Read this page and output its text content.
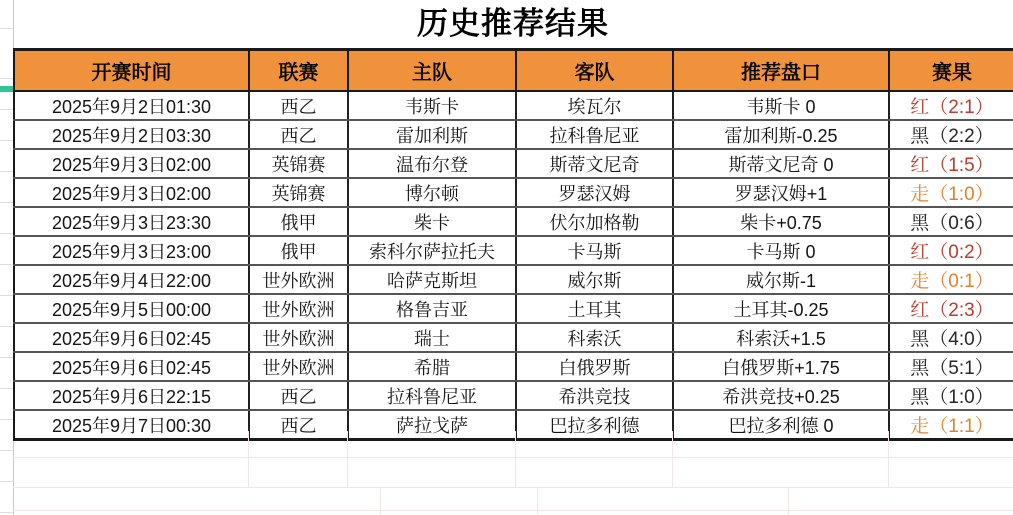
历史推荐结果
开赛时间	联赛	主队	客队	推荐盘口	赛果
2025年9月2日01:30	西乙	韦斯卡	埃瓦尔	韦斯卡 0	红（2:1）
2025年9月2日03:30	西乙	雷加利斯	拉科鲁尼亚	雷加利斯-0.25	黑（2:2）
2025年9月3日02:00	英锦赛	温布尔登	斯蒂文尼奇	斯蒂文尼奇 0	红（1:5）
2025年9月3日02:00	英锦赛	博尔顿	罗瑟汉姆	罗瑟汉姆+1	走（1:0）
2025年9月3日23:30	俄甲	柴卡	伏尔加格勒	柴卡+0.75	黑（0:6）
2025年9月3日23:00	俄甲	索科尔萨拉托夫	卡马斯	卡马斯 0	红（0:2）
2025年9月4日22:00	世外欧洲	哈萨克斯坦	威尔斯	威尔斯-1	走（0:1）
2025年9月5日00:00	世外欧洲	格鲁吉亚	土耳其	土耳其-0.25	红（2:3）
2025年9月6日02:45	世外欧洲	瑞士	科索沃	科索沃+1.5	黑（4:0）
2025年9月6日02:45	世外欧洲	希腊	白俄罗斯	白俄罗斯+1.75	黑（5:1）
2025年9月6日22:15	西乙	拉科鲁尼亚	希洪竞技	希洪竞技+0.25	黑（1:0）
2025年9月7日00:30	西乙	萨拉戈萨	巴拉多利德	巴拉多利德 0	走（1:1）
